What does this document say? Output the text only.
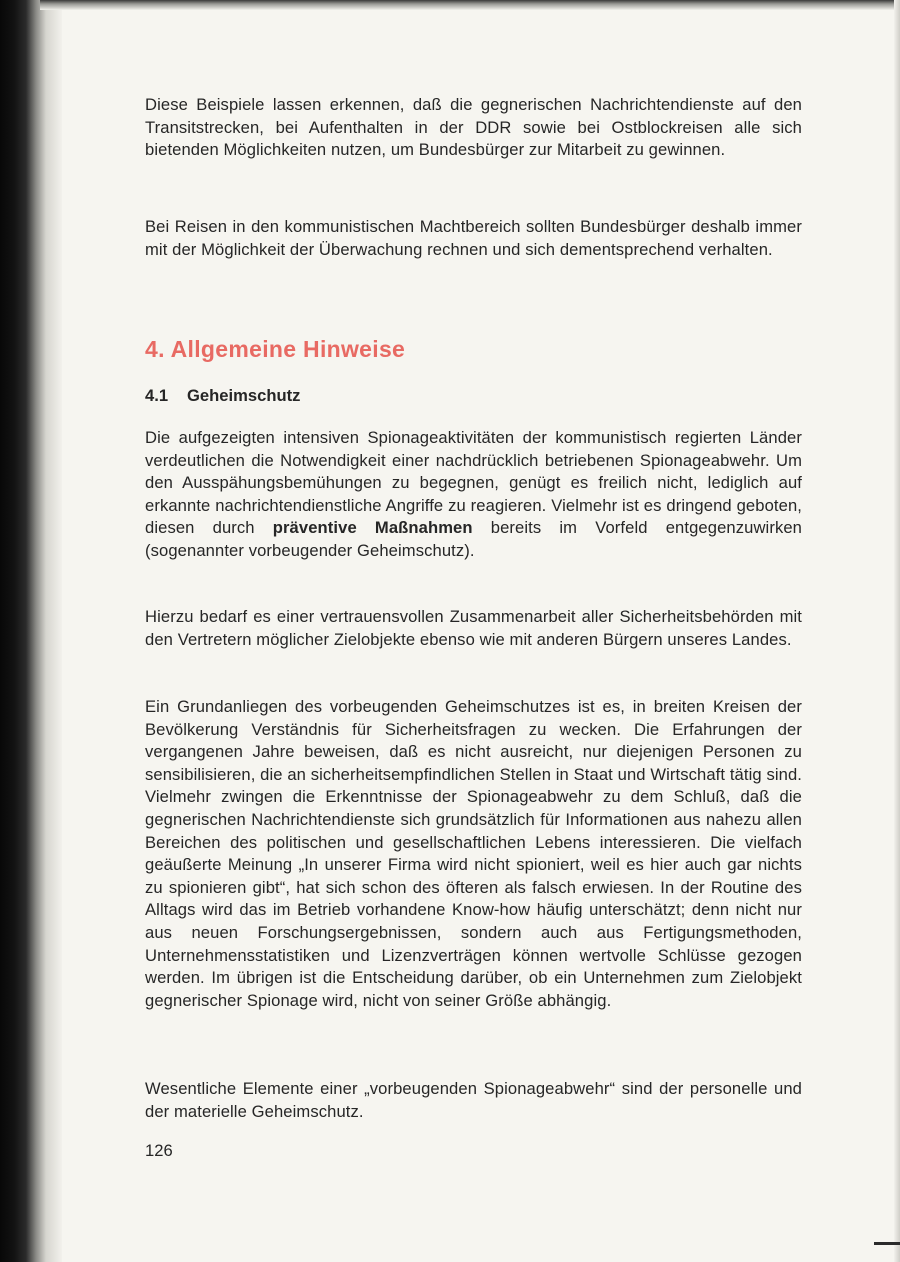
Diese Beispiele lassen erkennen, daß die gegnerischen Nachrichtendienste auf den Transitstrecken, bei Aufenthalten in der DDR sowie bei Ostblockreisen alle sich bietenden Möglichkeiten nutzen, um Bundesbürger zur Mitarbeit zu gewinnen.

Bei Reisen in den kommunistischen Machtbereich sollten Bundesbürger deshalb immer mit der Möglichkeit der Überwachung rechnen und sich dementsprechend verhalten.

4. Allgemeine Hinweise
4.1 Geheimschutz

Die aufgezeigten intensiven Spionageaktivitäten der kommunistisch regierten Länder verdeutlichen die Notwendigkeit einer nachdrücklich betriebenen Spionageabwehr. Um den Ausspähungsbemühungen zu begegnen, genügt es freilich nicht, lediglich auf erkannte nachrichtendienstliche Angriffe zu reagieren. Vielmehr ist es dringend geboten, diesen durch präventive Maßnahmen bereits im Vorfeld entgegenzuwirken (sogenannter vorbeugender Geheimschutz).

Hierzu bedarf es einer vertrauensvollen Zusammenarbeit aller Sicherheitsbehörden mit den Vertretern möglicher Zielobjekte ebenso wie mit anderen Bürgern unseres Landes.

Ein Grundanliegen des vorbeugenden Geheimschutzes ist es, in breiten Kreisen der Bevölkerung Verständnis für Sicherheitsfragen zu wecken. Die Erfahrungen der vergangenen Jahre beweisen, daß es nicht ausreicht, nur diejenigen Personen zu sensibilisieren, die an sicherheitsempfindlichen Stellen in Staat und Wirtschaft tätig sind. Vielmehr zwingen die Erkenntnisse der Spionageabwehr zu dem Schluß, daß die gegnerischen Nachrichtendienste sich grundsätzlich für Informationen aus nahezu allen Bereichen des politischen und gesellschaftlichen Lebens interessieren. Die vielfach geäußerte Meinung „In unserer Firma wird nicht spioniert, weil es hier auch gar nichts zu spionieren gibt“, hat sich schon des öfteren als falsch erwiesen. In der Routine des Alltags wird das im Betrieb vorhandene Know-how häufig unterschätzt; denn nicht nur aus neuen Forschungsergebnissen, sondern auch aus Fertigungsmethoden, Unternehmensstatistiken und Lizenzverträgen können wertvolle Schlüsse gezogen werden. Im übrigen ist die Entscheidung darüber, ob ein Unternehmen zum Zielobjekt gegnerischer Spionage wird, nicht von seiner Größe abhängig.

Wesentliche Elemente einer „vorbeugenden Spionageabwehr“ sind der personelle und der materielle Geheimschutz.

126
